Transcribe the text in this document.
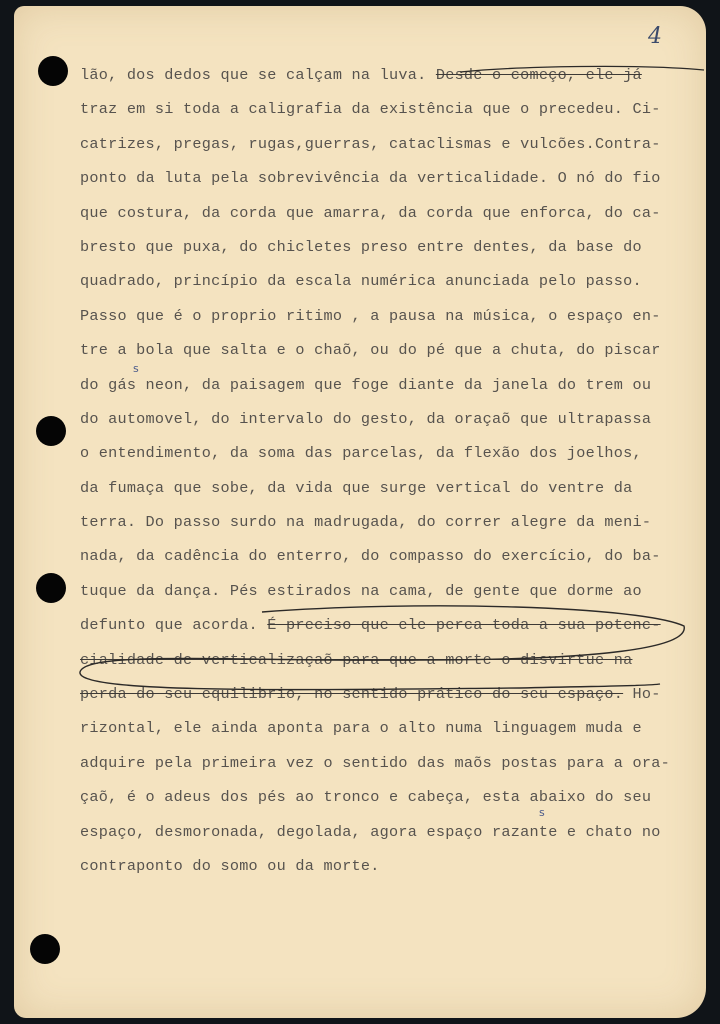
4
lão, dos dedos que se calçam na luva. Desde o começo, ele já
traz em si toda a caligrafia da existência que o precedeu. Ci-
catrizes, pregas, rugas,guerras, cataclismas e vulcões.Contra-
ponto da luta pela sobrevivência da verticalidade. O nó do fio
que costura, da corda que amarra, da corda que enforca, do ca-
bresto que puxa, do chicletes preso entre dentes, da base do
quadrado, princípio da escala numérica anunciada pelo passo.
Passo que é o proprio ritimo , a pausa na música, o espaço en-
tre a bola que salta e o chaõ, ou do pé que a chuta, do piscar
do gás neon, da paisagem que foge diante da janela do trem ou
do automovel, do intervalo do gesto, da oraçaõ que ultrapassa
o entendimento, da soma das parcelas, da flexão dos joelhos,
da fumaça que sobe, da vida que surge vertical do ventre da
terra. Do passo surdo na madrugada, do correr alegre da meni-
nada, da cadência do enterro, do compasso do exercício, do ba-
tuque da dança. Pés estirados na cama, de gente que dorme ao
defunto que acorda. É preciso que ele perca toda a sua potenc-
cialidade de verticalizaçaõ para que a morte o disvirtue na
perda do seu equilibrio, no sentido prático do seu espaço. Ho-
rizontal, ele ainda aponta para o alto numa linguagem muda e
adquire pela primeira vez o sentido das maõs postas para a ora-
çaõ, é o adeus dos pés ao tronco e cabeça, esta abaixo do seu
espaço, desmoronada, degolada, agora espaço razante e chato no
contraponto do somo ou da morte.
s
s
